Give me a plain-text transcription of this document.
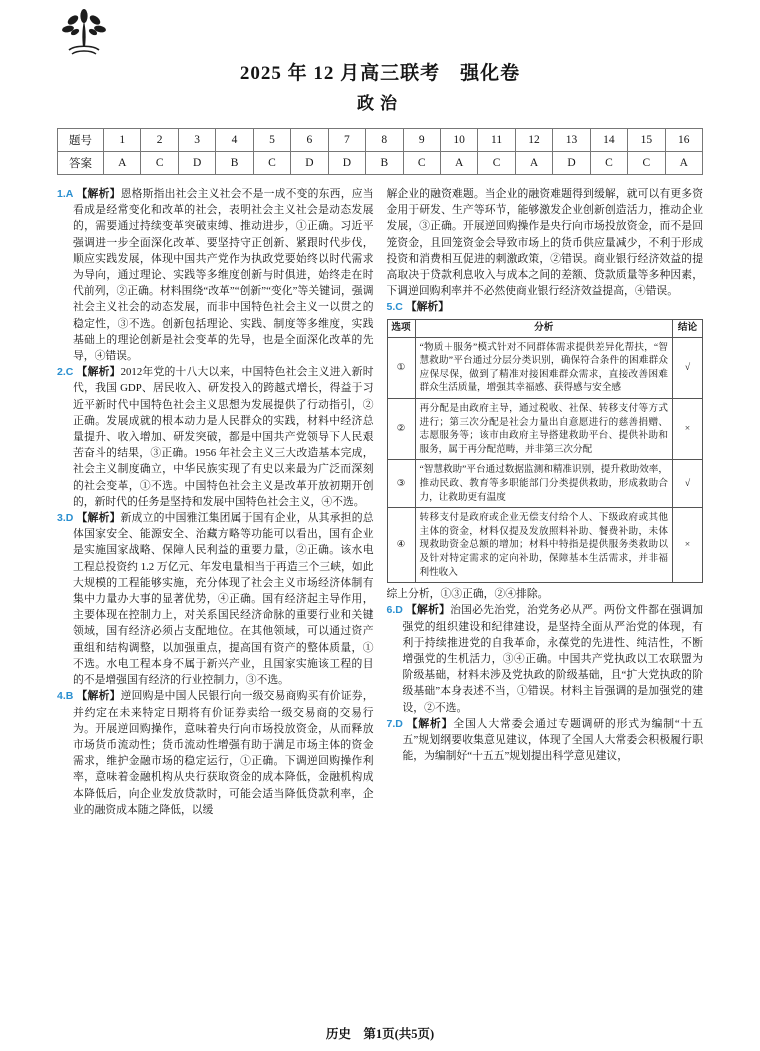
2025 年 12 月高三联考　强化卷
政治
题号	1	2	3	4	5	6	7	8	9	10	11	12	13	14	15	16
答案	A	C	D	B	C	D	D	B	C	A	C	A	D	C	C	A

1.A 【解析】恩格斯指出社会主义社会不是一成不变的东西，应当看成是经常变化和改革的社会，表明社会主义社会是动态发展的，需要通过持续变革突破束缚、推动进步，①正确。习近平强调进一步全面深化改革、要坚持守正创新、紧跟时代步伐，顺应实践发展，体现中国共产党作为执政党要始终以时代需求为导向，通过理论、实践等多维度创新与时俱进，始终走在时代前列，②正确。材料围绕“改革”“创新”“变化”等关键词，强调社会主义社会的动态发展，而非中国特色社会主义一以贯之的稳定性，③不选。创新包括理论、实践、制度等多维度，实践基础上的理论创新是社会变革的先导，也是全面深化改革的先导，④错误。

2.C 【解析】2012年党的十八大以来，中国特色社会主义进入新时代，我国 GDP、居民收入、研发投入的跨越式增长，得益于习近平新时代中国特色社会主义思想为发展提供了行动指引，②正确。发展成就的根本动力是人民群众的实践，材料中经济总量提升、收入增加、研发突破，都是中国共产党领导下人民艰苦奋斗的结果，③正确。1956 年社会主义三大改造基本完成，社会主义制度确立，中华民族实现了有史以来最为广泛而深刻的社会变革，①不选。中国特色社会主义是改革开放初期开创的，新时代的任务是坚持和发展中国特色社会主义，④不选。

3.D 【解析】新成立的中国雅江集团属于国有企业，从其承担的总体国家安全、能源安全、治藏方略等功能可以看出，国有企业是实施国家战略、保障人民利益的重要力量，②正确。该水电工程总投资约 1.2 万亿元、年发电量相当于再造三个三峡，如此大规模的工程能够实施，充分体现了社会主义市场经济体制有集中力量办大事的显著优势，④正确。国有经济起主导作用，主要体现在控制力上，对关系国民经济命脉的重要行业和关键领域，国有经济必须占支配地位。在其他领域，可以通过资产重组和结构调整，以加强重点，提高国有资产的整体质量，①不选。水电工程本身不属于新兴产业，且国家实施该工程的目的不是增强国有经济的行业控制力，③不选。

4.B 【解析】逆回购是中国人民银行向一级交易商购买有价证券，并约定在未来特定日期将有价证券卖给一级交易商的交易行为。开展逆回购操作，意味着央行向市场投放资金，从而释放市场货币流动性；货币流动性增强有助于满足市场主体的资金需求，维护金融市场的稳定运行，①正确。下调逆回购操作利率，意味着金融机构从央行获取资金的成本降低，金融机构成本降低后，向企业发放贷款时，可能会适当降低贷款利率，企业的融资成本随之降低，以缓

解企业的融资难题。当企业的融资难题得到缓解，就可以有更多资金用于研发、生产等环节，能够激发企业创新创造活力，推动企业发展，③正确。开展逆回购操作是央行向市场投放资金，而不是回笼资金，且回笼资金会导致市场上的货币供应量减少，不利于形成投资和消费相互促进的刺激政策，②错误。商业银行经济效益的提高取决于贷款利息收入与成本之间的差额、贷款质量等多种因素，下调逆回购利率并不必然使商业银行经济效益提高，④错误。

5.C 【解析】

选项	分析	结论
①	“物质＋服务”模式针对不同群体需求提供差异化帮扶，“智慧救助”平台通过分层分类识别，确保符合条件的困难群众应保尽保，做到了精准对接困难群众需求，直接改善困难群众生活质量，增强其幸福感、获得感与安全感	√
②	再分配是由政府主导，通过税收、社保、转移支付等方式进行；第三次分配是社会力量出自意愿进行的慈善捐赠、志愿服务等；该市由政府主导搭建救助平台、提供补助和服务，属于再分配范畴，并非第三次分配	×
③	“智慧救助”平台通过数据监测和精准识别，提升救助效率，推动民政、教育等多职能部门分类提供救助，形成救助合力，让救助更有温度	√
④	转移支付是政府或企业无偿支付给个人、下级政府或其他主体的资金，材料仅提及发放照料补助、餐费补助，未体现救助资金总额的增加；材料中特指是提供服务类救助以及针对特定需求的定向补助，保障基本生活需求，并非福利性收入	×

综上分析，①③正确，②④排除。

6.D 【解析】治国必先治党，治党务必从严。两份文件都在强调加强党的组织建设和纪律建设，是坚持全面从严治党的体现，有利于持续推进党的自我革命，永葆党的先进性、纯洁性，不断增强党的生机活力，③④正确。中国共产党执政以工农联盟为阶级基础，材料未涉及党执政的阶级基础，且“扩大党执政的阶级基础”本身表述不当，①错误。材料主旨强调的是加强党的建设，②不选。

7.D 【解析】全国人大常委会通过专题调研的形式为编制“十五五”规划纲要收集意见建议，体现了全国人大常委会积极履行职能，为编制好“十五五”规划提出科学意见建议，

历史　第1页(共5页)
